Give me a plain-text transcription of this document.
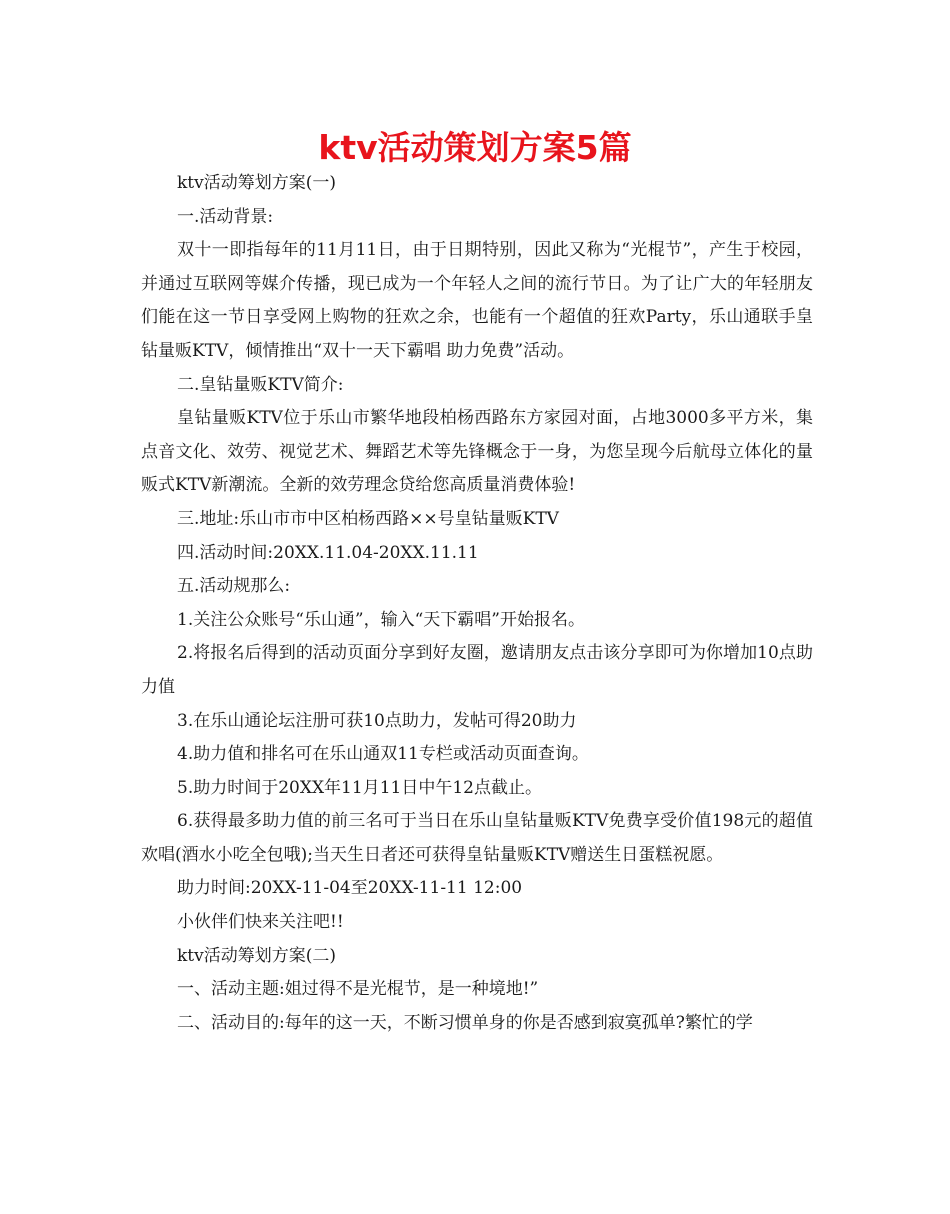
ktv活动策划方案5篇

ktv活动筹划方案(一)

一.活动背景:

双十一即指每年的11月11日，由于日期特别，因此又称为“光棍节”，产生于校园，并通过互联网等媒介传播，现已成为一个年轻人之间的流行节日。为了让广大的年轻朋友们能在这一节日享受网上购物的狂欢之余，也能有一个超值的狂欢Party，乐山通联手皇钻量贩KTV，倾情推出“双十一天下霸唱 助力免费”活动。

二.皇钻量贩KTV简介:

皇钻量贩KTV位于乐山市繁华地段柏杨西路东方家园对面，占地3000多平方米，集点音文化、效劳、视觉艺术、舞蹈艺术等先锋概念于一身，为您呈现今后航母立体化的量贩式KTV新潮流。全新的效劳理念贷给您高质量消费体验!

三.地址:乐山市市中区柏杨西路××号皇钻量贩KTV

四.活动时间:20XX.11.04-20XX.11.11

五.活动规那么:

1.关注公众账号“乐山通”，输入“天下霸唱”开始报名。

2.将报名后得到的活动页面分享到好友圈，邀请朋友点击该分享即可为你增加10点助力值

3.在乐山通论坛注册可获10点助力，发帖可得20助力

4.助力值和排名可在乐山通双11专栏或活动页面查询。

5.助力时间于20XX年11月11日中午12点截止。

6.获得最多助力值的前三名可于当日在乐山皇钻量贩KTV免费享受价值198元的超值欢唱(酒水小吃全包哦);当天生日者还可获得皇钻量贩KTV赠送生日蛋糕祝愿。

助力时间:20XX-11-04至20XX-11-11 12:00

小伙伴们快来关注吧!!

ktv活动筹划方案(二)

一、活动主题:姐过得不是光棍节，是一种境地!”

二、活动目的:每年的这一天，不断习惯单身的你是否感到寂寞孤单?繁忙的学
